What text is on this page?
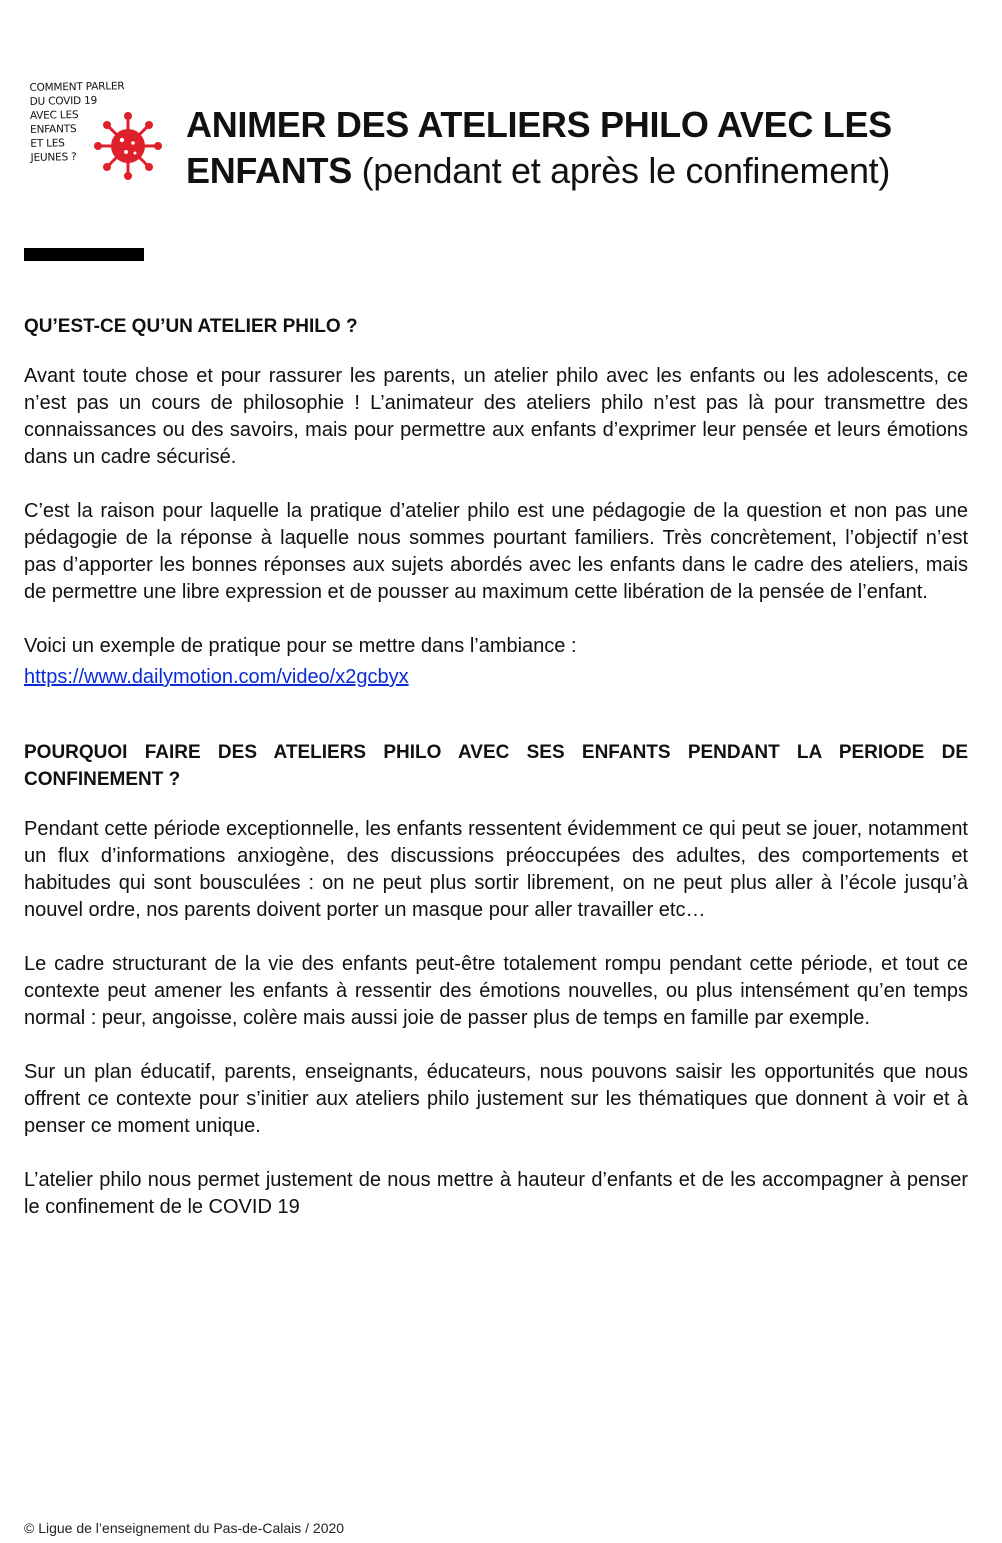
COMMENT PARLER
DU COVID 19
AVEC LES
ENFANTS
ET LES
JEUNES ?
ANIMER DES ATELIERS PHILO AVEC LES ENFANTS (pendant et après le confinement)
QU’EST-CE QU’UN ATELIER PHILO ?

Avant toute chose et pour rassurer les parents, un atelier philo avec les enfants ou les adolescents, ce n’est pas un cours de philosophie ! L’animateur des ateliers philo n’est pas là pour transmettre des connaissances ou des savoirs, mais pour permettre aux enfants d’exprimer leur pensée et leurs émotions dans un cadre sécurisé.

C’est la raison pour laquelle la pratique d’atelier philo est une pédagogie de la question et non pas une pédagogie de la réponse à laquelle nous sommes pourtant familiers. Très concrètement, l’objectif n’est pas d’apporter les bonnes réponses aux sujets abordés avec les enfants dans le cadre des ateliers, mais de permettre une libre expression et de pousser au maximum cette libération de la pensée de l’enfant.

Voici un exemple de pratique pour se mettre dans l’ambiance :

https://www.dailymotion.com/video/x2gcbyx
POURQUOI FAIRE DES ATELIERS PHILO AVEC SES ENFANTS PENDANT LA PERIODE DE CONFINEMENT ?

Pendant cette période exceptionnelle, les enfants ressentent évidemment ce qui peut se jouer, notamment un flux d’informations anxiogène, des discussions préoccupées des adultes, des comportements et habitudes qui sont bousculées : on ne peut plus sortir librement, on ne peut plus aller à l’école jusqu’à nouvel ordre, nos parents doivent porter un masque pour aller travailler etc…

Le cadre structurant de la vie des enfants peut-être totalement rompu pendant cette période, et tout ce contexte peut amener les enfants à ressentir des émotions nouvelles, ou plus intensément qu’en temps normal : peur, angoisse, colère mais aussi joie de passer plus de temps en famille par exemple.

Sur un plan éducatif, parents, enseignants, éducateurs, nous pouvons saisir les opportunités que nous offrent ce contexte pour s’initier aux ateliers philo justement sur les thématiques que donnent à voir et à penser ce moment unique.

L’atelier philo nous permet justement de nous mettre à hauteur d’enfants et de les accompagner à penser le confinement de le COVID 19

© Ligue de l’enseignement du Pas-de-Calais / 2020
